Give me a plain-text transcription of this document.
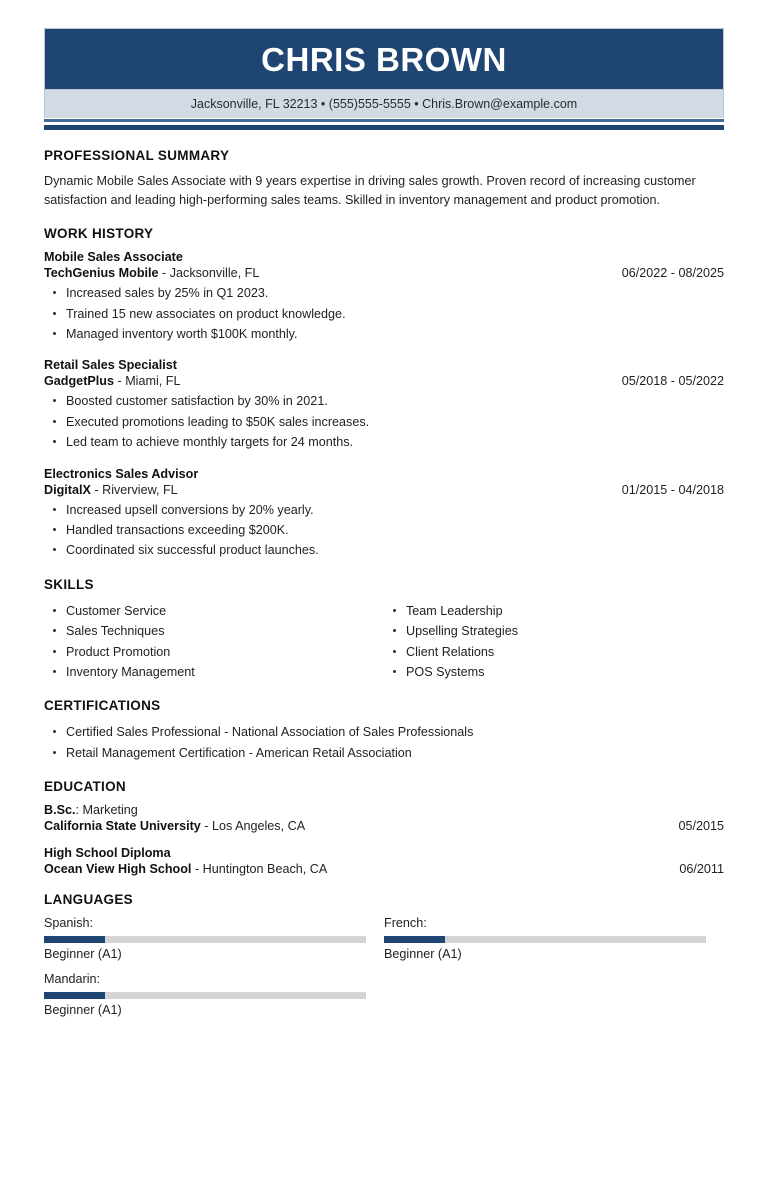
CHRIS BROWN
Jacksonville, FL 32213 • (555)555-5555 • Chris.Brown@example.com
PROFESSIONAL SUMMARY

Dynamic Mobile Sales Associate with 9 years expertise in driving sales growth. Proven record of increasing customer satisfaction and leading high-performing sales teams. Skilled in inventory management and product promotion.

WORK HISTORY
Mobile Sales Associate
TechGenius Mobile - Jacksonville, FL	06/2022 - 08/2025
Increased sales by 25% in Q1 2023.
Trained 15 new associates on product knowledge.
Managed inventory worth $100K monthly.
Retail Sales Specialist
GadgetPlus - Miami, FL	05/2018 - 05/2022
Boosted customer satisfaction by 30% in 2021.
Executed promotions leading to $50K sales increases.
Led team to achieve monthly targets for 24 months.
Electronics Sales Advisor
DigitalX - Riverview, FL	01/2015 - 04/2018
Increased upsell conversions by 20% yearly.
Handled transactions exceeding $200K.
Coordinated six successful product launches.
SKILLS
Customer Service
Sales Techniques
Product Promotion
Inventory Management
Team Leadership
Upselling Strategies
Client Relations
POS Systems
CERTIFICATIONS
Certified Sales Professional - National Association of Sales Professionals
Retail Management Certification - American Retail Association
EDUCATION
B.Sc.: Marketing
California State University - Los Angeles, CA	05/2015
High School Diploma
Ocean View High School - Huntington Beach, CA	06/2011
LANGUAGES
Spanish:
Beginner (A1)
French:
Beginner (A1)
Mandarin:
Beginner (A1)
